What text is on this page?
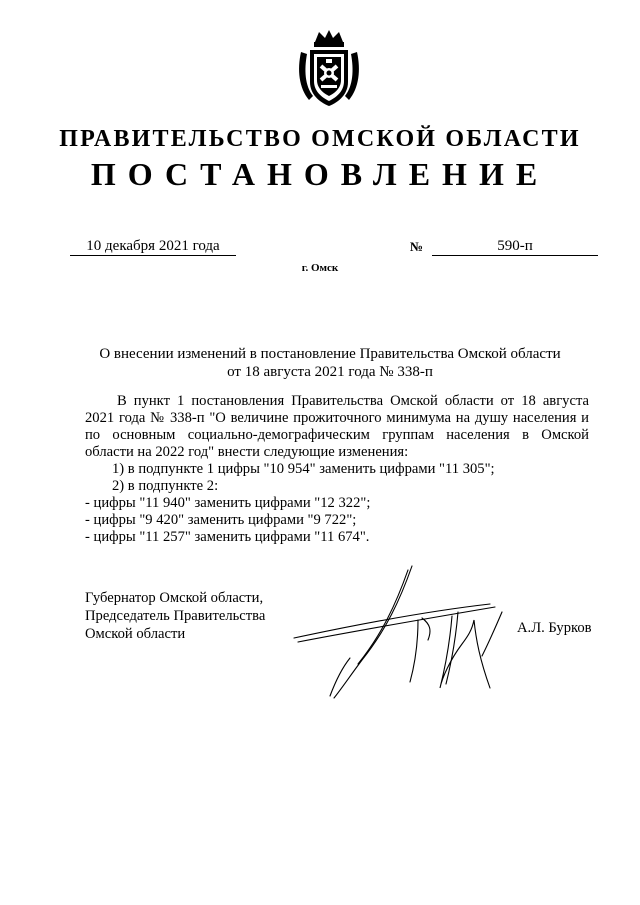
ПРАВИТЕЛЬСТВО ОМСКОЙ ОБЛАСТИ
ПОСТАНОВЛЕНИЕ
10 декабря 2021 года	№	590-п
г. Омск
О внесении изменений в постановление Правительства Омской области
от 18 августа 2021 года № 338-п
В пункт 1 постановления Правительства Омской области от 18 августа
2021 года № 338-п "О величине прожиточного минимума на душу населения и
по основным социально-демографическим группам населения в Омской
области на 2022 год" внести следующие изменения:
1) в подпункте 1 цифры "10 954" заменить цифрами "11 305";
2) в подпункте 2:
- цифры "11 940" заменить цифрами "12 322";
- цифры "9 420" заменить цифрами "9 722";
- цифры "11 257" заменить цифрами "11 674".
Губернатор Омской области,
Председатель Правительства
Омской области	А.Л. Бурков
